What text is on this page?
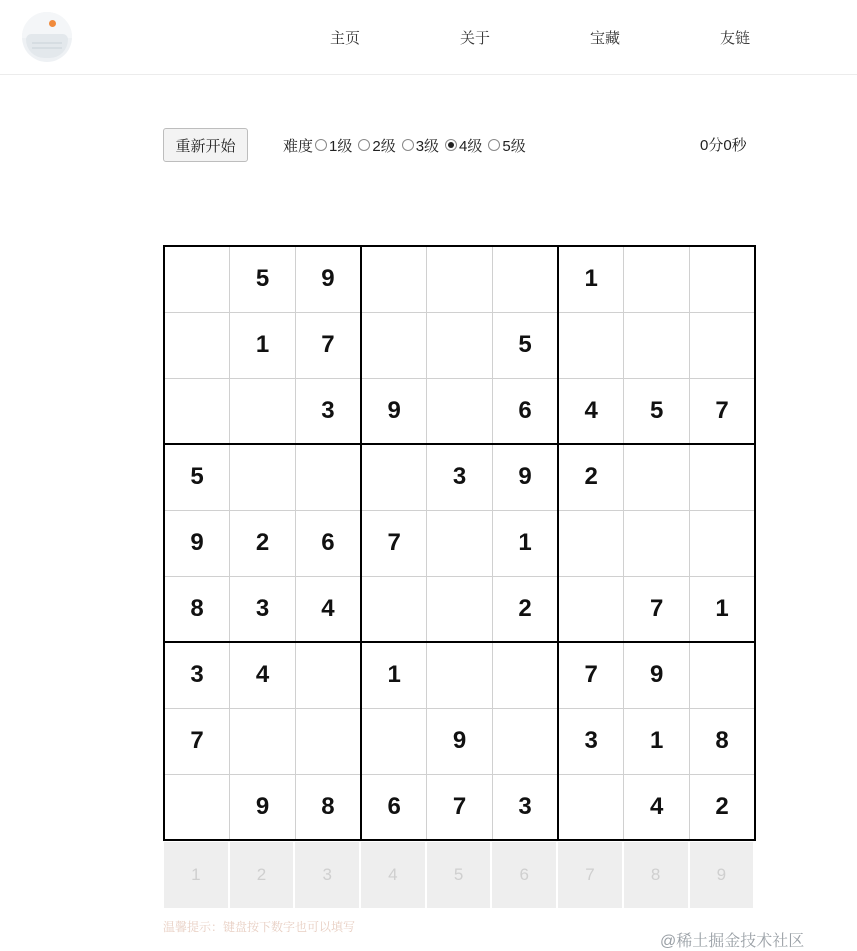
主页	关于	宝藏	友链
重新开始	难度 1级 2级 3级 4级 5级	0分0秒
	5	9				1		
	1	7			5			
		3	9		6	4	5	7
5				3	9	2		
9	2	6	7		1			
8	3	4			2		7	1
3	4		1			7	9	
7				9		3	1	8
	9	8	6	7	3		4	2
1	2	3	4	5	6	7	8	9
温馨提示：键盘按下数字也可以填写
@稀土掘金技术社区
